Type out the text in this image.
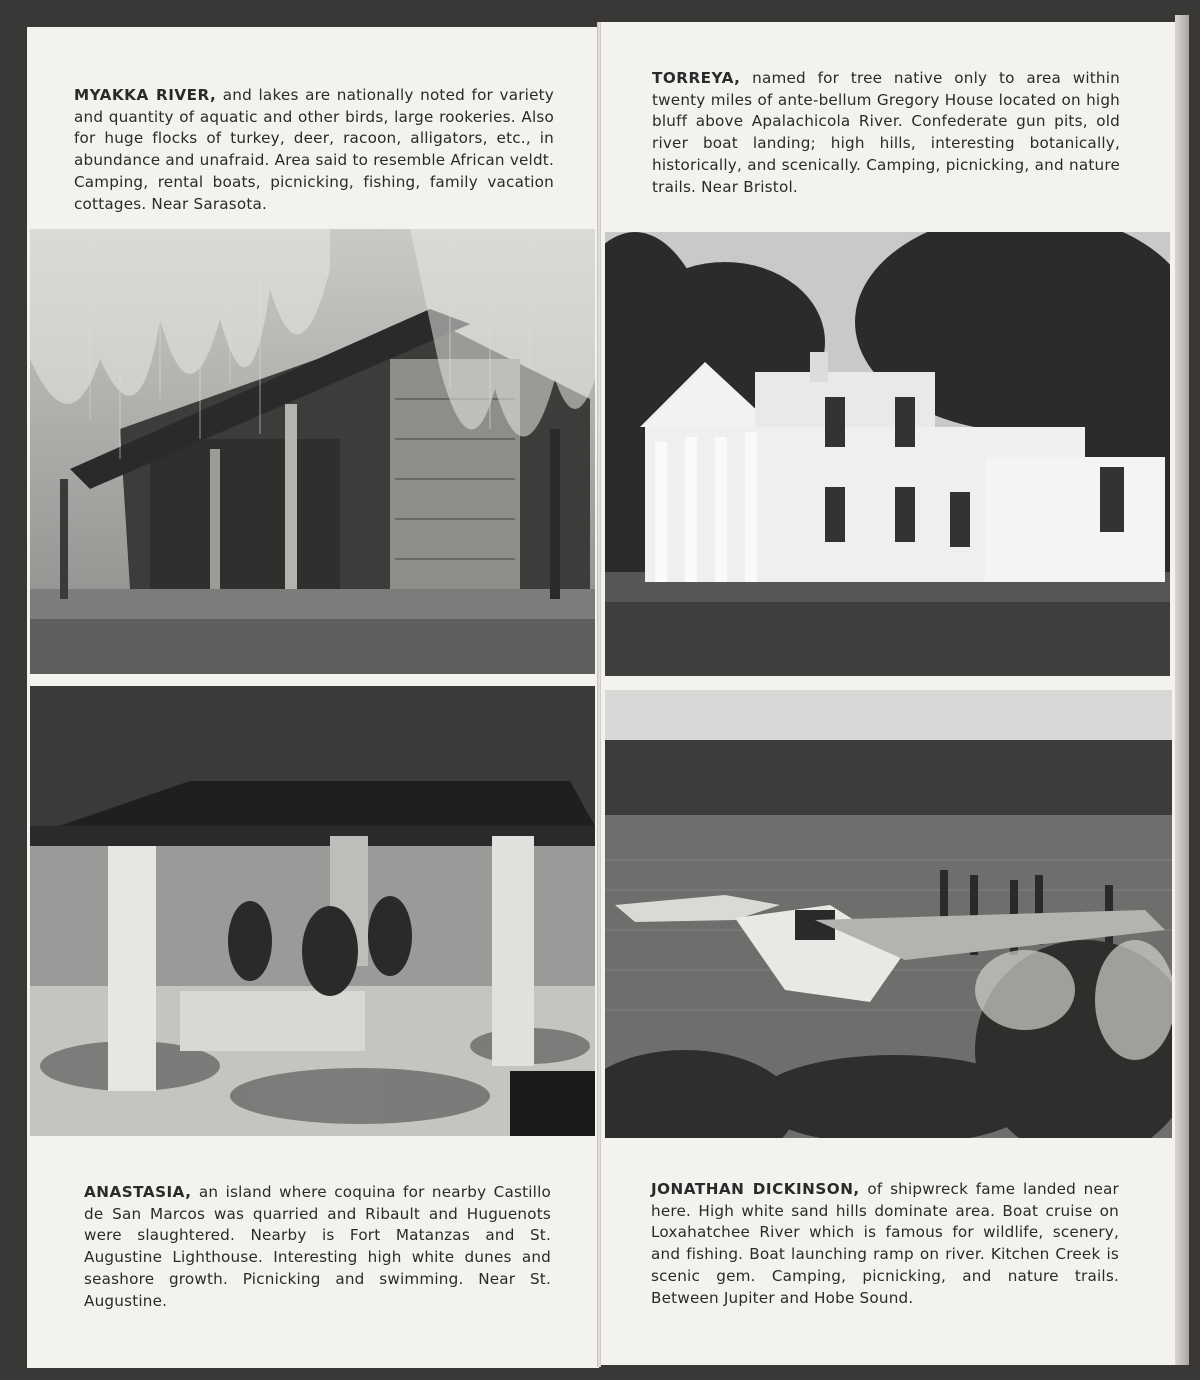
MYAKKA RIVER, and lakes are nationally noted for variety and quantity of aquatic and other birds, large rookeries. Also for huge flocks of turkey, deer, racoon, alligators, etc., in abundance and unafraid. Area said to resemble African veldt. Camping, rental boats, picnicking, fishing, family vacation cottages. Near Sarasota.

TORREYA, named for tree native only to area within twenty miles of ante-bellum Gregory House located on high bluff above Apalachicola River. Confederate gun pits, old river boat landing; high hills, interesting botanically, historically, and scenically. Camping, picnicking, and nature trails. Near Bristol.

ANASTASIA, an island where coquina for nearby Castillo de San Marcos was quarried and Ribault and Huguenots were slaughtered. Nearby is Fort Matanzas and St. Augustine Lighthouse. Interesting high white dunes and seashore growth. Picnicking and swimming. Near St. Augustine.

JONATHAN DICKINSON, of shipwreck fame landed near here. High white sand hills dominate area. Boat cruise on Loxahatchee River which is famous for wildlife, scenery, and fishing. Boat launching ramp on river. Kitchen Creek is scenic gem. Camping, picnicking, and nature trails. Between Jupiter and Hobe Sound.
